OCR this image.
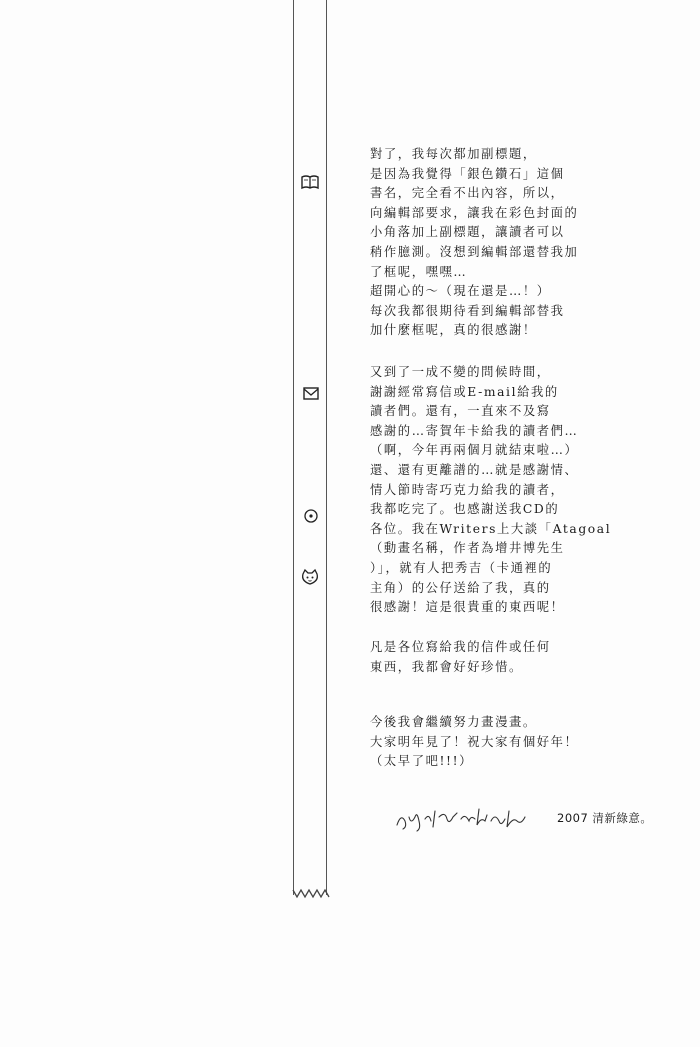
對了，我每次都加副標題，
是因為我覺得「銀色鑽石」這個
書名，完全看不出內容，所以，
向編輯部要求，讓我在彩色封面的
小角落加上副標題，讓讀者可以
稍作臆測。沒想到編輯部還替我加
了框呢，嘿嘿…
超開心的～（現在還是…！）
每次我都很期待看到編輯部替我
加什麼框呢，真的很感謝！
又到了一成不變的問候時間，
謝謝經常寫信或E-mail給我的
讀者們。還有，一直來不及寫
感謝的…寄賀年卡給我的讀者們…
（啊，今年再兩個月就結束啦…）
還、還有更離譜的…就是感謝情、
情人節時寄巧克力給我的讀者，
我都吃完了。也感謝送我CD的
各位。我在Writers上大談「Atagoal
（動畫名稱，作者為增井博先生
）」，就有人把秀吉（卡通裡的
主角）的公仔送給了我，真的
很感謝！這是很貴重的東西呢！
凡是各位寫給我的信件或任何
東西，我都會好好珍惜。
今後我會繼續努力畫漫畫。
大家明年見了！祝大家有個好年！
（太早了吧!!!）
2007 清新綠意。
